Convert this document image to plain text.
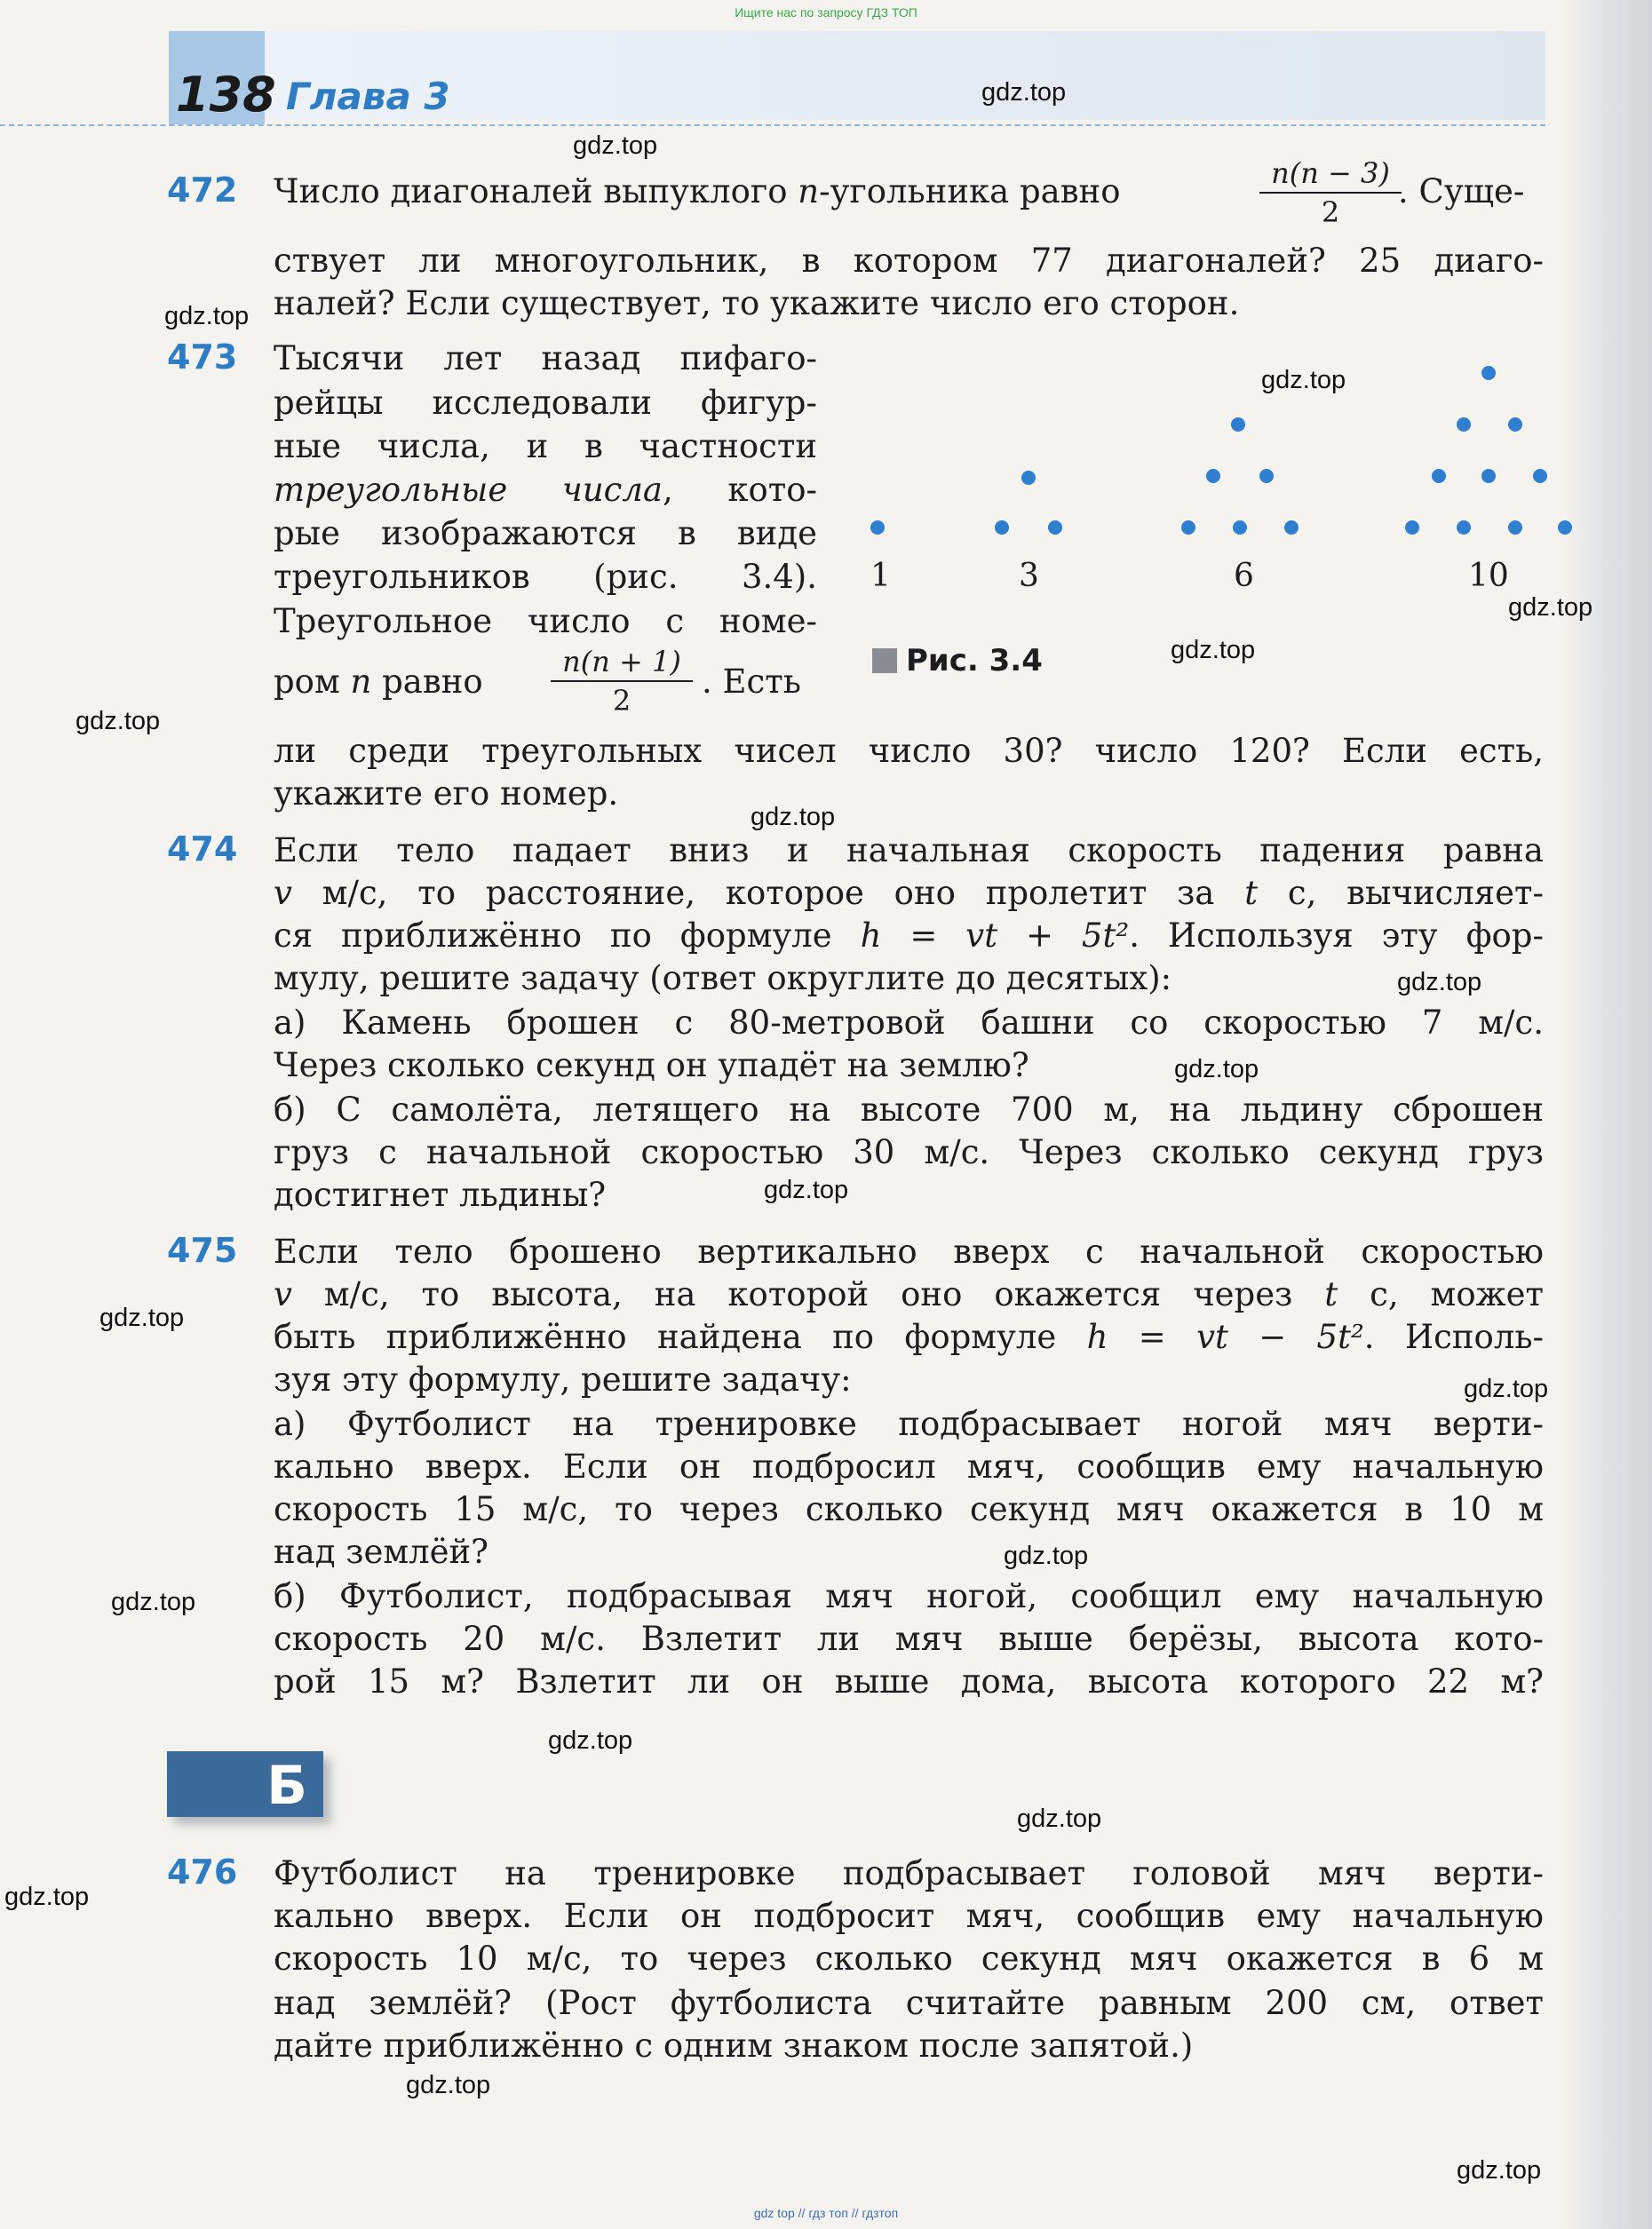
Ищите нас по запросу ГДЗ ТОП
138 Глава 3
472 Число диагоналей выпуклого n-угольника равно	n(n − 3)
2
. Суще-
ствует ли многоугольник, в котором 77 диагоналей? 25 диаго-
налей? Если существует, то укажите число его сторон.
473 Тысячи лет назад пифаго-
рейцы исследовали фигур-
ные числа, и в частности
треугольные числа, кото-
рые изображаются в виде
треугольников (рис. 3.4).
Треугольное число с номе-
ром n равно
n(n + 1)
2	. Есть
ли среди треугольных чисел число 30? число 120? Если есть,
укажите его номер.
1	3	6	10
Рис. 3.4
474 Если тело падает вниз и начальная скорость падения равна
v м/с, то расстояние, которое оно пролетит за t с, вычисляет-
ся приближённо по формуле h = vt + 5t². Используя эту фор-
мулу, решите задачу (ответ округлите до десятых):
а) Камень брошен с 80-метровой башни со скоростью 7 м/с.
Через сколько секунд он упадёт на землю?
б) С самолёта, летящего на высоте 700 м, на льдину сброшен
груз с начальной скоростью 30 м/с. Через сколько секунд груз
достигнет льдины?
475 Если тело брошено вертикально вверх с начальной скоростью
v м/с, то высота, на которой оно окажется через t с, может
быть приближённо найдена по формуле h = vt − 5t². Исполь-
зуя эту формулу, решите задачу:
а) Футболист на тренировке подбрасывает ногой мяч верти-
кально вверх. Если он подбросил мяч, сообщив ему начальную
скорость 15 м/с, то через сколько секунд мяч окажется в 10 м
над землёй?
б) Футболист, подбрасывая мяч ногой, сообщил ему начальную
скорость 20 м/с. Взлетит ли мяч выше берёзы, высота кото-
рой 15 м? Взлетит ли он выше дома, высота которого 22 м?
Б
476 Футболист на тренировке подбрасывает головой мяч верти-
кально вверх. Если он подбросит мяч, сообщив ему начальную
скорость 10 м/с, то через сколько секунд мяч окажется в 6 м
над землёй? (Рост футболиста считайте равным 200 см, ответ
дайте приближённо с одним знаком после запятой.)
gdz.top
gdz.top
gdz.top
gdz.top
gdz.top
gdz.top
gdz.top
gdz.top
gdz.top
gdz.top
gdz.top
gdz.top
gdz.top
gdz.top
gdz.top
gdz.top
gdz.top
gdz.top
gdz.top
gdz.top
gdz top // гдз топ // гдзтоп
